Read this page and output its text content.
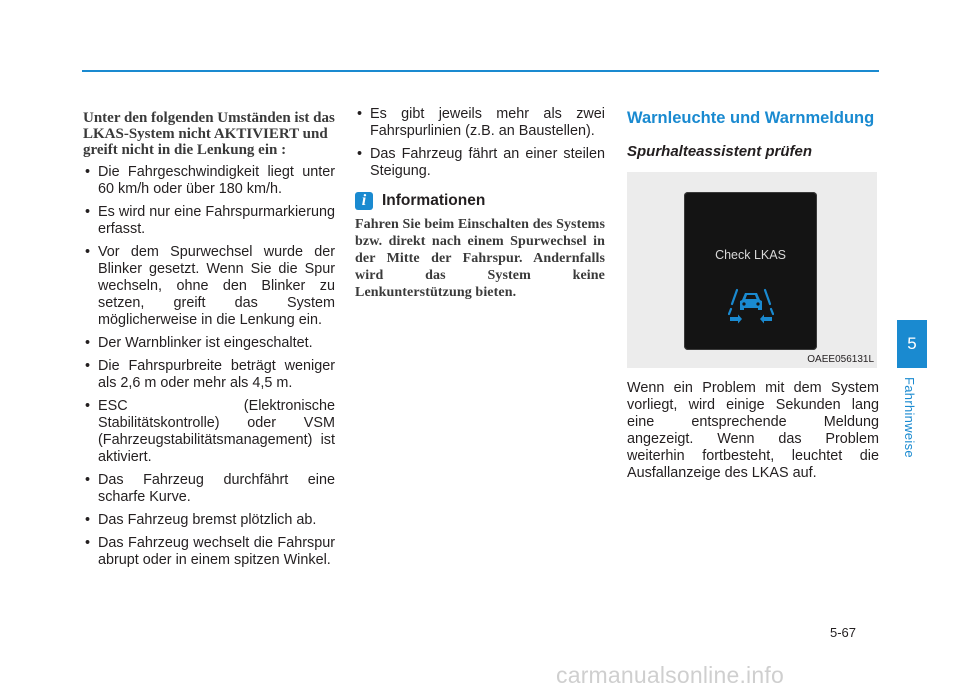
Unter den folgenden Umständen ist das LKAS-System nicht AKTIVIERT und greift nicht in die Lenkung ein :

• Die Fahrgeschwindigkeit liegt unter 60 km/h oder über 180 km/h.
• Es wird nur eine Fahrspurmarkierung erfasst.
• Vor dem Spurwechsel wurde der Blinker gesetzt. Wenn Sie die Spur wechseln, ohne den Blinker zu setzen, greift das System möglicherweise in die Lenkung ein.
• Der Warnblinker ist eingeschaltet.
• Die Fahrspurbreite beträgt weniger als 2,6 m oder mehr als 4,5 m.
• ESC (Elektronische Stabilitätskontrolle) oder VSM (Fahrzeugstabilitätsmanagement) ist aktiviert.
• Das Fahrzeug durchfährt eine scharfe Kurve.
• Das Fahrzeug bremst plötzlich ab.
• Das Fahrzeug wechselt die Fahrspur abrupt oder in einem spitzen Winkel.
• Es gibt jeweils mehr als zwei Fahrspurlinien (z.B. an Baustellen).
• Das Fahrzeug fährt an einer steilen Steigung.
i	Informationen
Fahren Sie beim Einschalten des Systems bzw. direkt nach einem Spurwechsel in der Mitte der Fahrspur. Andernfalls wird das System keine Lenkunterstützung bieten.

Warnleuchte und Warnmeldung

Spurhalteassistent prüfen

Check LKAS
OAEE056131L

Wenn ein Problem mit dem System vorliegt, wird einige Sekunden lang eine entsprechende Meldung angezeigt. Wenn das Problem weiterhin fortbesteht, leuchtet die Ausfallanzeige des LKAS auf.

5
Fahrhinweise
5-67
carmanualsonline.info
